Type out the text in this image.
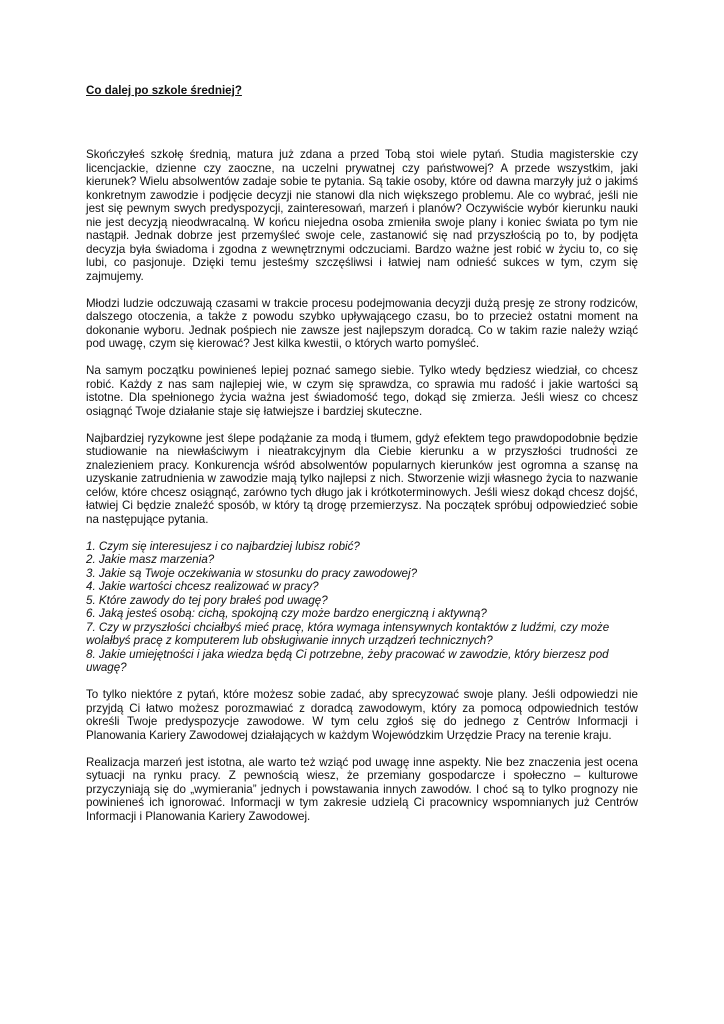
Co dalej po szkole średniej?

Skończyłeś szkołę średnią, matura już zdana a przed Tobą stoi wiele pytań. Studia magisterskie czy licencjackie, dzienne czy zaoczne, na uczelni prywatnej czy państwowej? A przede wszystkim, jaki kierunek? Wielu absolwentów zadaje sobie te pytania. Są takie osoby, które od dawna marzyły już o jakimś konkretnym zawodzie i podjęcie decyzji nie stanowi dla nich większego problemu. Ale co wybrać, jeśli nie jest się pewnym swych predyspozycji, zainteresowań, marzeń i planów? Oczywiście wybór kierunku nauki nie jest decyzją nieodwracalną. W końcu niejedna osoba zmieniła swoje plany i koniec świata po tym nie nastąpił. Jednak dobrze jest przemyśleć swoje cele, zastanowić się nad przyszłością po to, by podjęta decyzja była świadoma i zgodna z wewnętrznymi odczuciami. Bardzo ważne jest robić w życiu to, co się lubi, co pasjonuje. Dzięki temu jesteśmy szczęśliwsi i łatwiej nam odnieść sukces w tym, czym się zajmujemy.

Młodzi ludzie odczuwają czasami w trakcie procesu podejmowania decyzji dużą presję ze strony rodziców, dalszego otoczenia, a także z powodu szybko upływającego czasu, bo to przecież ostatni moment na dokonanie wyboru. Jednak pośpiech nie zawsze jest najlepszym doradcą. Co w takim razie należy wziąć pod uwagę, czym się kierować? Jest kilka kwestii, o których warto pomyśleć.

Na samym początku powinieneś lepiej poznać samego siebie. Tylko wtedy będziesz wiedział, co chcesz robić. Każdy z nas sam najlepiej wie, w czym się sprawdza, co sprawia mu radość i jakie wartości są istotne. Dla spełnionego życia ważna jest świadomość tego, dokąd się zmierza. Jeśli wiesz co chcesz osiągnąć Twoje działanie staje się łatwiejsze i bardziej skuteczne.

Najbardziej ryzykowne jest ślepe podążanie za modą i tłumem, gdyż efektem tego prawdopodobnie będzie studiowanie na niewłaściwym i nieatrakcyjnym dla Ciebie kierunku a w przyszłości trudności ze znalezieniem pracy. Konkurencja wśród absolwentów popularnych kierunków jest ogromna a szansę na uzyskanie zatrudnienia w zawodzie mają tylko najlepsi z nich. Stworzenie wizji własnego życia to nazwanie celów, które chcesz osiągnąć, zarówno tych długo jak i krótkoterminowych. Jeśli wiesz dokąd chcesz dojść, łatwiej Ci będzie znaleźć sposób, w który tą drogę przemierzysz. Na początek spróbuj odpowiedzieć sobie na następujące pytania.

1. Czym się interesujesz i co najbardziej lubisz robić?
2. Jakie masz marzenia?
3. Jakie są Twoje oczekiwania w stosunku do pracy zawodowej?
4. Jakie wartości chcesz realizować w pracy?
5. Które zawody do tej pory brałeś pod uwagę?
6. Jaką jesteś osobą: cichą, spokojną czy może bardzo energiczną i aktywną?
7. Czy w przyszłości chciałbyś mieć pracę, która wymaga intensywnych kontaktów z ludźmi, czy może wolałbyś pracę z komputerem lub obsługiwanie innych urządzeń technicznych?
8. Jakie umiejętności i jaka wiedza będą Ci potrzebne, żeby pracować w zawodzie, który bierzesz pod uwagę?

To tylko niektóre z pytań, które możesz sobie zadać, aby sprecyzować swoje plany. Jeśli odpowiedzi nie przyjdą Ci łatwo możesz porozmawiać z doradcą zawodowym, który za pomocą odpowiednich testów określi Twoje predyspozycje zawodowe. W tym celu zgłoś się do jednego z Centrów Informacji i Planowania Kariery Zawodowej działających w każdym Wojewódzkim Urzędzie Pracy na terenie kraju.

Realizacja marzeń jest istotna, ale warto też wziąć pod uwagę inne aspekty. Nie bez znaczenia jest ocena sytuacji na rynku pracy. Z pewnością wiesz, że przemiany gospodarcze i społeczno – kulturowe przyczyniają się do „wymierania” jednych i powstawania innych zawodów. I choć są to tylko prognozy nie powinieneś ich ignorować. Informacji w tym zakresie udzielą Ci pracownicy wspomnianych już Centrów Informacji i Planowania Kariery Zawodowej.
